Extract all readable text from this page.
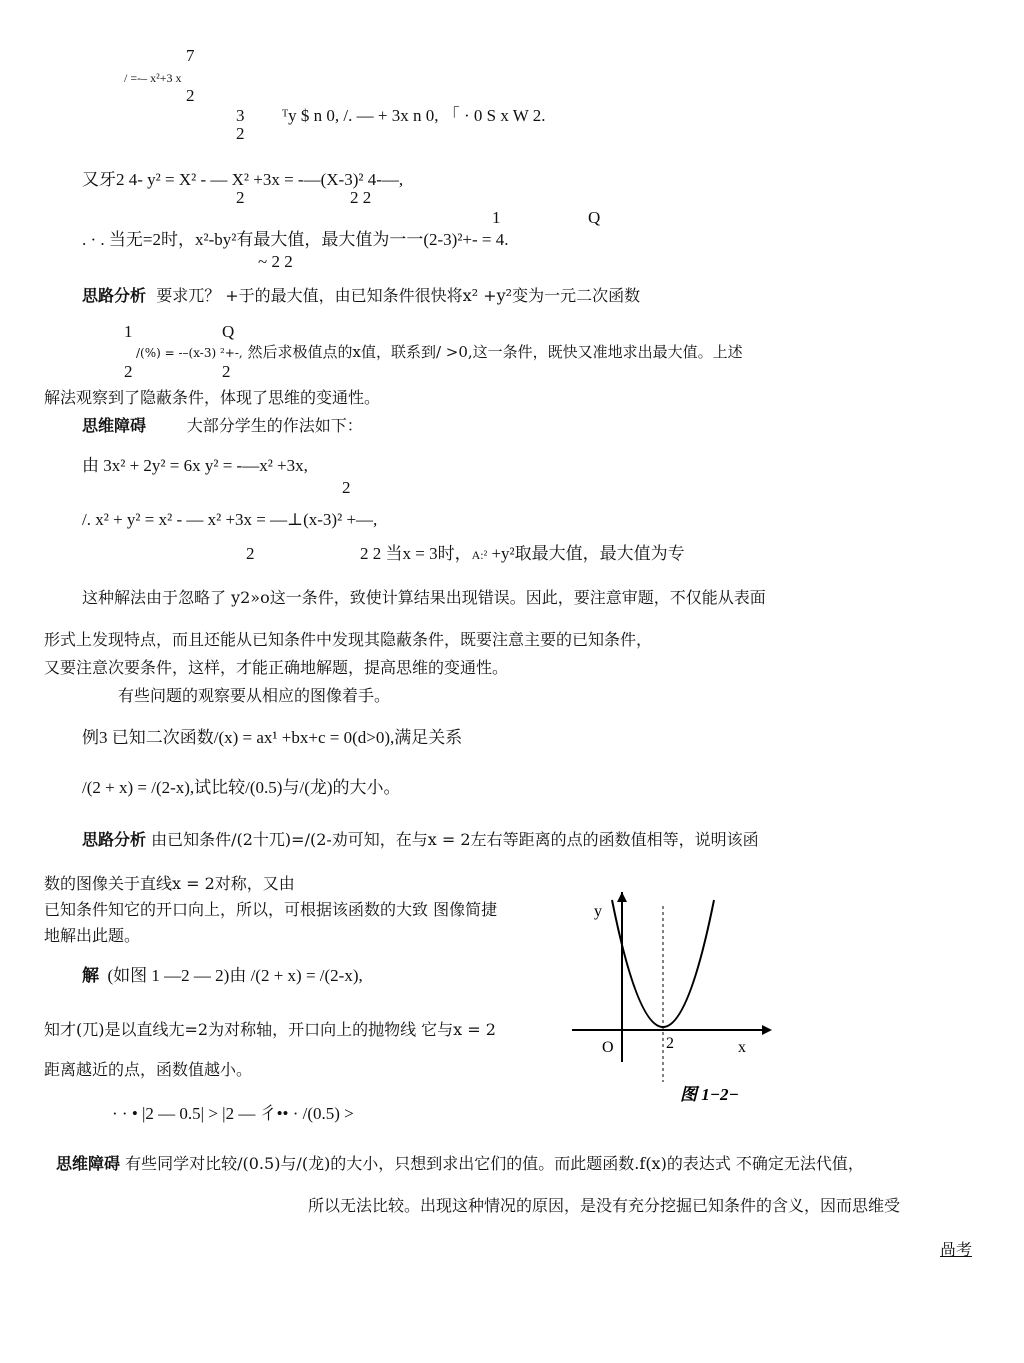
7
/ =-– x²+3 x
2
3 ᵀy $ n 0, /. — + 3x n 0, 「 · 0 S x W 2.
2
又牙2 4- y² = X² - — X² +3x = -—(X-3)² 4-—,
2	2 2
1	Q
. · . 当无=2时，x²-by²有最大值，最大值为一一(2-3)²+- = 4.
~ 2 2
思路分析 要求兀？ +于的最大值，由已知条件很快将x² +y²变为一元二次函数
1	Q
/(%) = -–(x-3) ²+-, 然后求极值点的x值，联系到/ >0,这一条件，既快又准地求出最大值。上述
2	2
解法观察到了隐蔽条件，体现了思维的变通性。
思维障碍	大部分学生的作法如下：
由 3x² + 2y² = 6x y² = -—x² +3x,
2
/. x² + y² = x² - — x² +3x = —⊥(x-3)² +—,
2	2 2 当x = 3时，A:² +y²取最大值，最大值为专
这种解法由于忽略了 y2»o这一条件，致使计算结果出现错误。因此，要注意审题，不仅能从表面
形式上发现特点，而且还能从已知条件中发现其隐蔽条件，既要注意主要的已知条件，
又要注意次要条件，这样，才能正确地解题，提高思维的变通性。
有些问题的观察要从相应的图像着手。
例3 已知二次函数/(x) = ax¹ +bx+c = 0(d>0),满足关系
/(2 + x) = /(2-x),试比较/(0.5)与/(龙)的大小。
思路分析 由已知条件/(2十兀)=/(2-劝可知，在与x = 2左右等距离的点的函数值相等，说明该函
数的图像关于直线x = 2对称，又由
已知条件知它的开口向上，所以，可根据该函数的大致 图像简捷
地解出此题。
解 (如图 1 —2 — 2)由 /(2 + x) = /(2-x),
知才(兀)是以直线尢=2为对称轴，开口向上的抛物线 它与x = 2
距离越近的点，函数值越小。
· · • |2 — 0.5| > |2 — 彳•• · /(0.5) >
y
x
O	2
图 1−2−
思维障碍 有些同学对比较/(0.5)与/(龙)的大小，只想到求出它们的值。而此题函数.f(x)的表达式 不确定无法代值，
所以无法比较。出现这种情况的原因，是没有充分挖掘已知条件的含义，因而思维受
咼考
